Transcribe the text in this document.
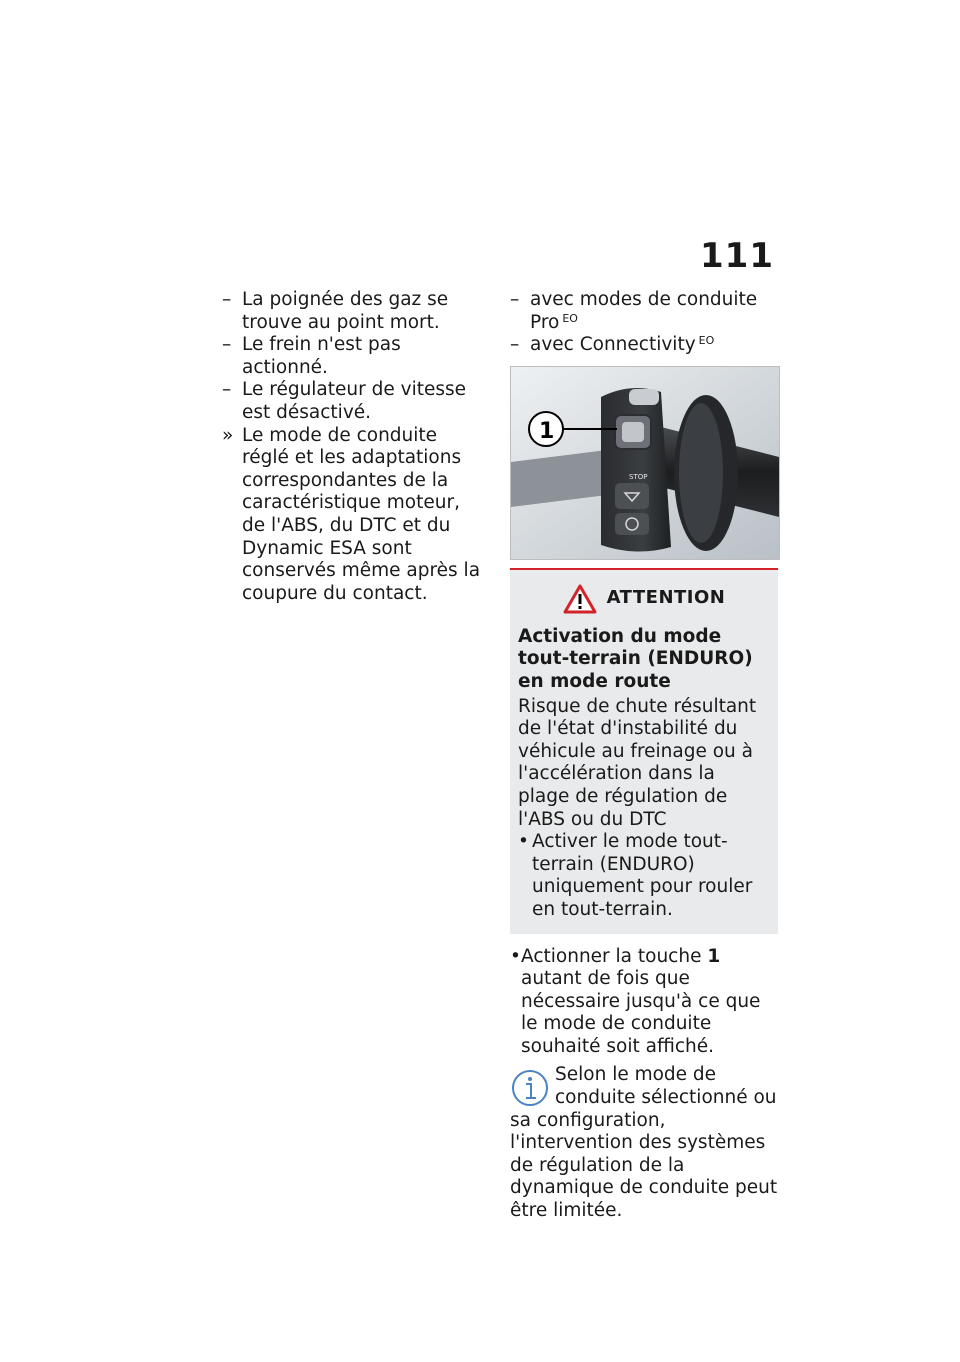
111
– La poignée des gaz se trouve au point mort.
– Le frein n'est pas actionné.
– Le régulateur de vitesse est désactivé.
» Le mode de conduite réglé et les adaptations correspondantes de la caractéristique moteur, de l'ABS, du DTC et du Dynamic ESA sont conservés même après la coupure du contact.
– avec modes de conduite Pro $^{EO}$
– avec Connectivity $^{EO}$
STOP
1
ATTENTION
Activation du mode tout-terrain (ENDURO) en mode route
Risque de chute résultant de l'état d'instabilité du véhicule au freinage ou à l'accélération dans la plage de régulation de l'ABS ou du DTC
• Activer le mode tout-terrain (ENDURO) uniquement pour rouler en tout-terrain.
• Actionner la touche 1 autant de fois que nécessaire jusqu'à ce que le mode de conduite souhaité soit affiché.
Selon le mode de
conduite sélectionné ou
sa configuration, l'intervention des systèmes de régulation de la dynamique de conduite peut être limitée.
